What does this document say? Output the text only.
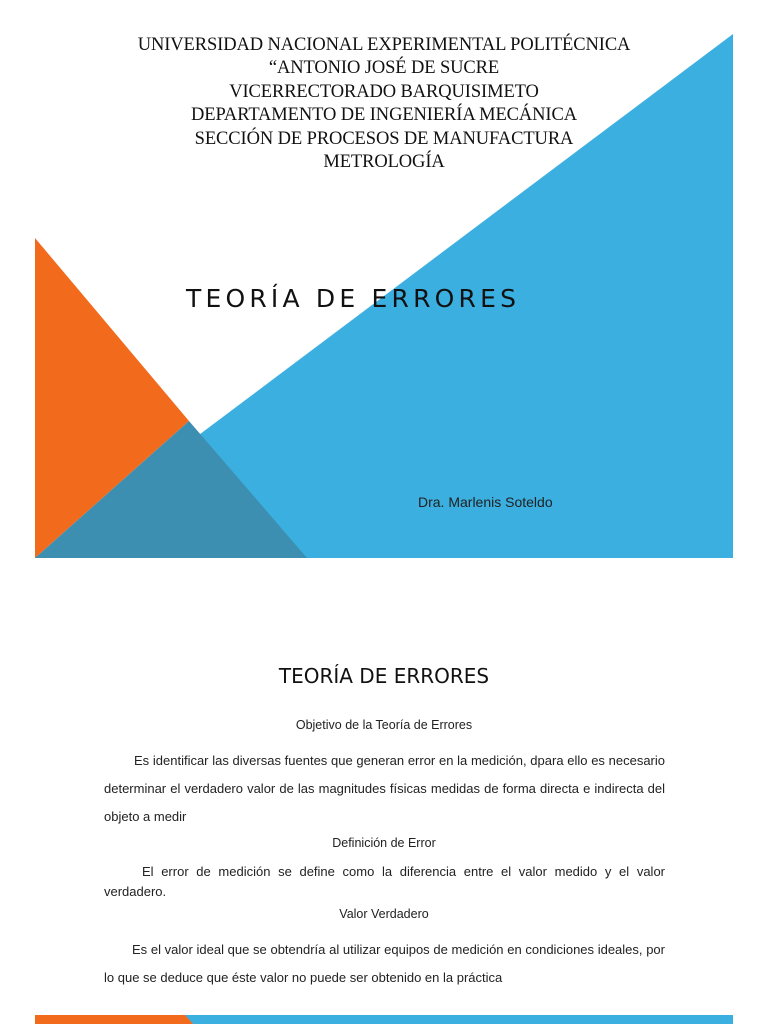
UNIVERSIDAD NACIONAL EXPERIMENTAL POLITÉCNICA
“ANTONIO JOSÉ DE SUCRE
VICERRECTORADO BARQUISIMETO
DEPARTAMENTO DE INGENIERÍA MECÁNICA
SECCIÓN DE PROCESOS DE MANUFACTURA
METROLOGÍA
TEORÍA DE ERRORES
Dra. Marlenis Soteldo
TEORÍA DE ERRORES
Objetivo de la Teoría de Errores
Es identificar las diversas fuentes que generan error en la medición, dpara ello es necesario determinar el verdadero valor de las magnitudes físicas medidas de forma directa e indirecta del objeto a medir
Definición de Error
El error de medición se define como la diferencia entre el valor medido y el valor verdadero.
Valor Verdadero
Es el valor ideal que se obtendría al utilizar equipos de medición en condiciones ideales, por lo que se deduce que éste valor no puede ser obtenido en la práctica
